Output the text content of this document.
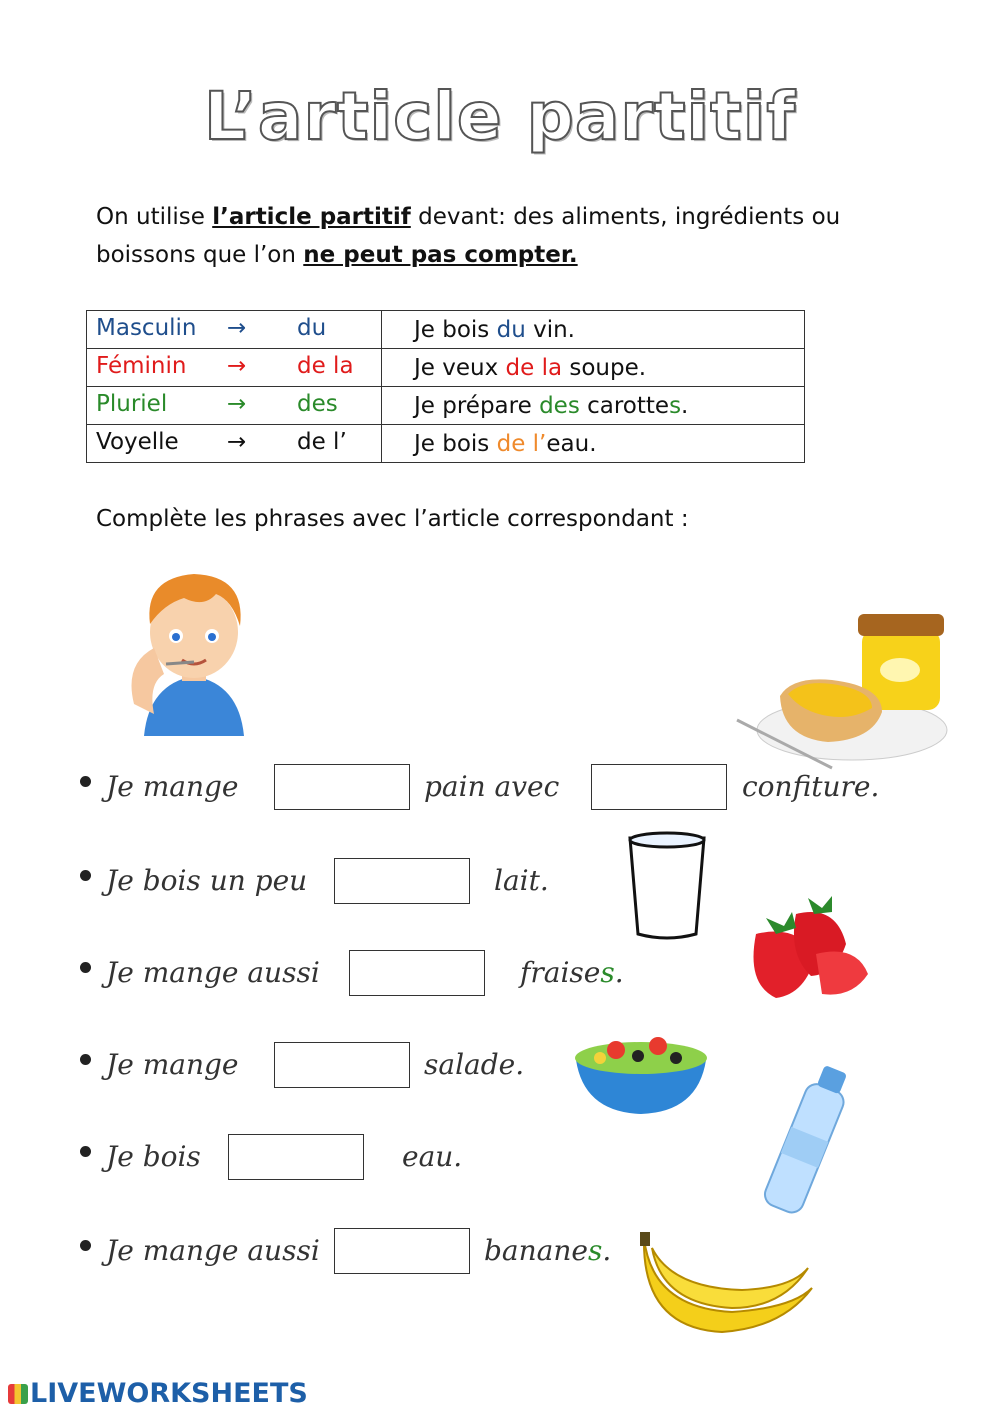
L’article partitif
On utilise l’article partitif devant: des aliments, ingrédients ou boissons que l’on ne peut pas compter.
Masculin → du	Je bois du vin.

Féminin → de la	Je veux de la soupe.

Pluriel → des	Je prépare des carottes.

Voyelle → de l’	Je bois de l’eau.
Complète les phrases avec l’article correspondant :
Je mange	pain avec	confiture.
Je bois un peu	lait.
Je mange aussi	fraises.
Je mange	salade.
Je bois	eau.
Je mange aussi	bananes.
LIVEWORKSHEETS
